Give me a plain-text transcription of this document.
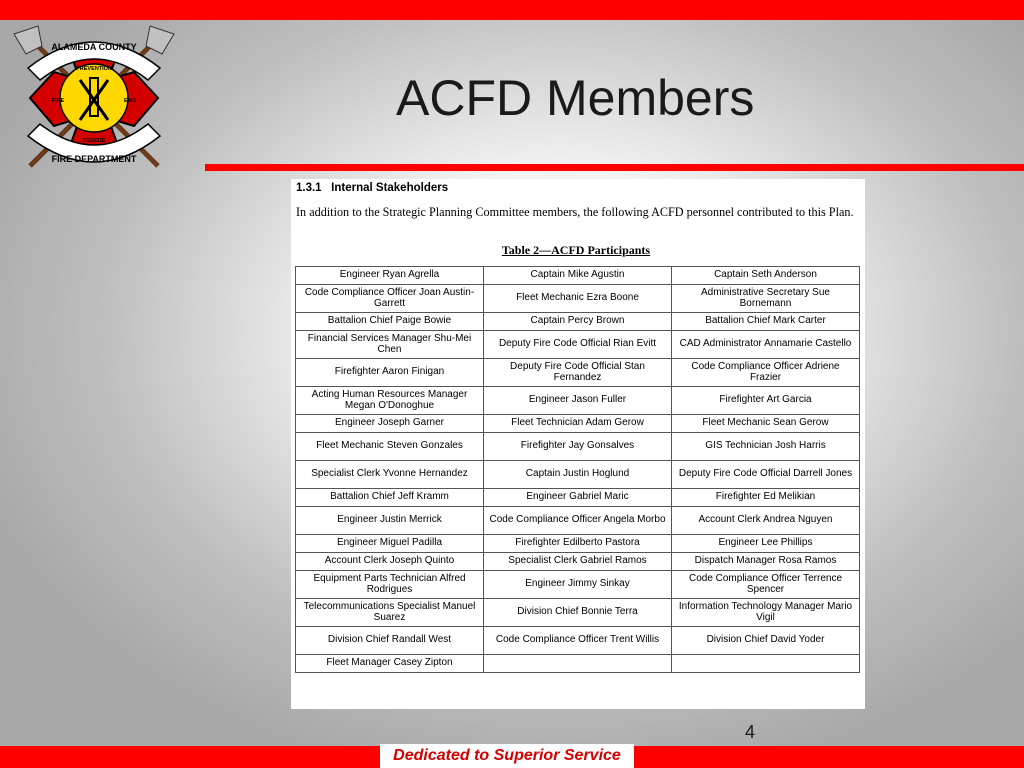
ALAMEDA COUNTY
FIRE DEPARTMENT
PREVENTION
RESCUE
FIRE	EMS	ACFD Members
1.3.1   Internal Stakeholders
In addition to the Strategic Planning Committee members, the following ACFD personnel contributed to this Plan.
Table 2—ACFD Participants
Engineer Ryan Agrella	Captain Mike Agustin	Captain Seth Anderson
Code Compliance Officer Joan Austin-Garrett	Fleet Mechanic Ezra Boone	Administrative Secretary Sue Bornemann
Battalion Chief Paige Bowie	Captain Percy Brown	Battalion Chief Mark Carter
Financial Services Manager Shu-Mei Chen	Deputy Fire Code Official Rian Evitt	CAD Administrator Annamarie Castello
Firefighter Aaron Finigan	Deputy Fire Code Official Stan Fernandez	Code Compliance Officer Adriene Frazier
Acting Human Resources Manager Megan O'Donoghue	Engineer Jason Fuller	Firefighter Art Garcia
Engineer Joseph Garner	Fleet Technician Adam Gerow	Fleet Mechanic Sean Gerow
Fleet Mechanic Steven Gonzales	Firefighter Jay Gonsalves	GIS Technician Josh Harris
Specialist Clerk Yvonne Hernandez	Captain Justin Hoglund	Deputy Fire Code Official Darrell Jones
Battalion Chief Jeff Kramm	Engineer Gabriel Maric	Firefighter Ed Melikian
Engineer Justin Merrick	Code Compliance Officer Angela Morbo	Account Clerk Andrea Nguyen
Engineer Miguel Padilla	Firefighter Edilberto Pastora	Engineer Lee Phillips
Account Clerk Joseph Quinto	Specialist Clerk Gabriel Ramos	Dispatch Manager Rosa Ramos
Equipment Parts Technician Alfred Rodrigues	Engineer Jimmy Sinkay	Code Compliance Officer Terrence Spencer
Telecommunications Specialist Manuel Suarez	Division Chief Bonnie Terra	Information Technology Manager Mario Vigil
Division Chief Randall West	Code Compliance Officer Trent Willis	Division Chief David Yoder
Fleet Manager Casey Zipton		
4
Dedicated to Superior Service
